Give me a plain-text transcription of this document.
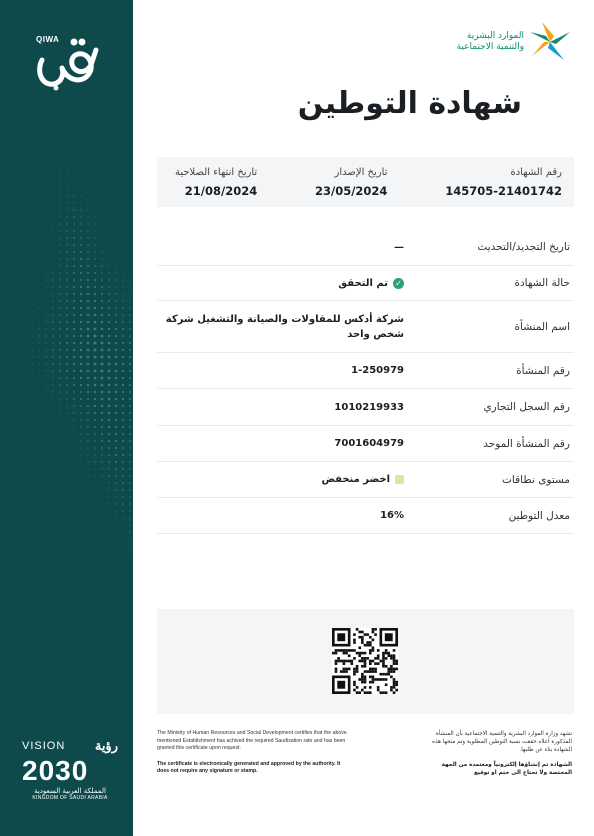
QIWA
VISION رؤية
2030
المملكة العربية السعودية
KINGDOM OF SAUDI ARABIA
الموارد البشرية
والتنمية الاجتماعية
شهادة التوطين
رقم الشهادة
145705-21401742
تاريخ الإصدار
23/05/2024
تاريخ انتهاء الصلاحية
21/08/2024
تاريخ التجديد/التحديث
—
حالة الشهادة
✓
تم التحقق
اسم المنشأة
شركة أدكس للمقاولات والصيانة والتشغيل شركة شخص واحد
رقم المنشأة
1-250979
رقم السجل التجاري
1010219933
رقم المنشأة الموحد
7001604979
مستوى نطاقات
اخضر منخفض
معدل التوطين
16%
The Ministry of Human Resources and Social Development certifies that the above mentioned Establishment has achived the required Saudization rate and has been granted this certificate upon request.
The certificate is electronically generated and approved by the authority. It does not require any signature or stamp.
تشهد وزارة الموارد البشرية والتنمية الاجتماعية بأن المنشأة المذكورة أعلاه حققت نسبة التوطين المطلوبة وتم منحها هذه الشهادة بناء عن طلبها.
الشهادة تم إنشاؤها إلكترونياً ومعتمدة من الجهة المختصة ولا تحتاج الى ختم او توقيع
